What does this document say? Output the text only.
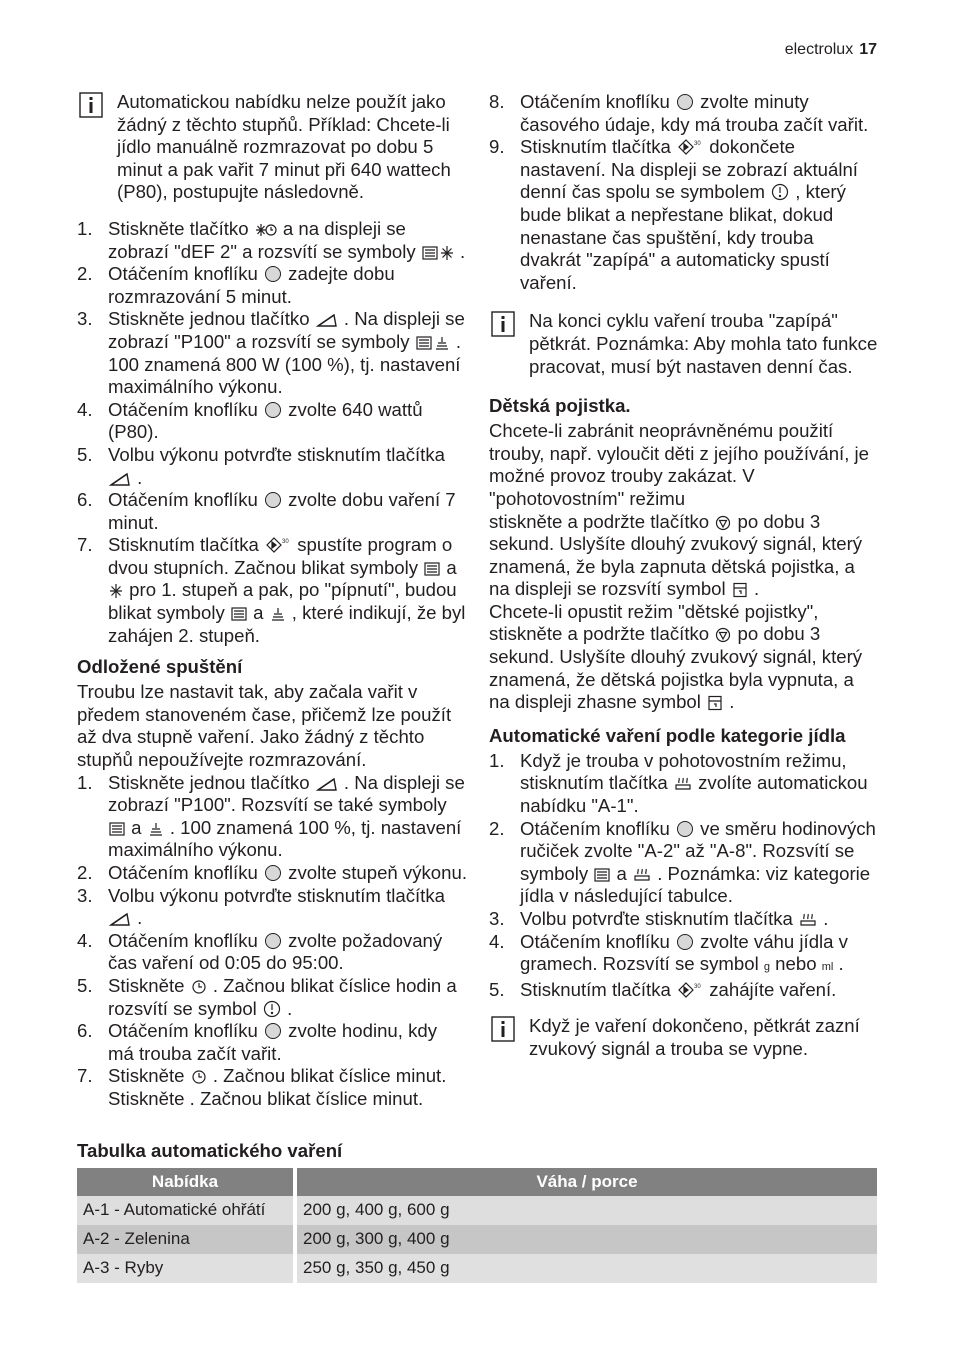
electrolux 17

Automatickou nabídku nelze použít jako žádný z těchto stupňů. Příklad: Chcete-li jídlo manuálně rozmrazovat po dobu 5 minut a pak vařit 7 minut při 640 wattech (P80), postupujte následovně.

1. Stiskněte tlačítko
a na displeji se zobrazí "dEF 2" a rozsvítí se symboly
.
2. Otáčením knoflíku
zadejte dobu rozmrazování 5 minut.
3. Stiskněte jednou tlačítko
. Na displeji se zobrazí "P100" a rozsvítí se symboly
. 100 znamená 800 W (100 %), tj. nastavení maximálního výkonu.
4. Otáčením knoflíku
zvolte 640 wattů (P80).
5. Volbu výkonu potvrďte stisknutím tlačítka

.
6. Otáčením knoflíku
zvolte dobu vaření 7 minut.
7. Stisknutím tlačítka	30 spustíte program o dvou stupních. Začnou blikat symboly
a
pro 1. stupeň a pak, po "pípnutí", budou blikat symboly
a
, které indikují, že byl zahájen 2. stupeň.
Odložené spuštění

Troubu lze nastavit tak, aby začala vařit v předem stanoveném čase, přičemž lze použít až dva stupně vaření. Jako žádný z těchto stupňů nepoužívejte rozmrazování.

1. Stiskněte jednou tlačítko
. Na displeji se zobrazí "P100". Rozsvítí se také symboly
a
. 100 znamená 100 %, tj. nastavení maximálního výkonu.
2. Otáčením knoflíku
zvolte stupeň výkonu.
3. Volbu výkonu potvrďte stisknutím tlačítka

.
4. Otáčením knoflíku
zvolte požadovaný čas vaření od 0:05 do 95:00.
5. Stiskněte
. Začnou blikat číslice hodin a rozsvítí se symbol
.
6. Otáčením knoflíku
zvolte hodinu, kdy má trouba začít vařit.
7. Stiskněte
. Začnou blikat číslice minut. Stiskněte . Začnou blikat číslice minut.
8. Otáčením knoflíku
zvolte minuty časového údaje, kdy má trouba začít vařit.
9. Stisknutím tlačítka	30 dokončete nastavení. Na displeji se zobrazí aktuální denní čas spolu se symbolem
, který bude blikat a nepřestane blikat, dokud nenastane čas spuštění, kdy trouba dvakrát "zapípá" a automaticky spustí vaření.

Na konci cyklu vaření trouba "zapípá" pětkrát. Poznámka: Aby mohla tato funkce pracovat, musí být nastaven denní čas.

Dětská pojistka.

Chcete-li zabránit neoprávněnému použití trouby, např. vyloučit děti z jejího používání, je možné provoz trouby zakázat. V "pohotovostním" režimu

stiskněte a podržte tlačítko
po dobu 3 sekund. Uslyšíte dlouhý zvukový signál, který znamená, že byla zapnuta dětská pojistka, a na displeji se rozsvítí symbol
.

Chcete-li opustit režim "dětské pojistky", stiskněte a podržte tlačítko
po dobu 3 sekund. Uslyšíte dlouhý zvukový signál, který znamená, že dětská pojistka byla vypnuta, a na displeji zhasne symbol
.

Automatické vaření podle kategorie jídla
1. Když je trouba v pohotovostním režimu, stisknutím tlačítka
zvolíte automatickou nabídku "A-1".
2. Otáčením knoflíku
ve směru hodinových ručiček zvolte "A-2" až "A-8". Rozsvítí se symboly
a
. Poznámka: viz kategorie jídla v následující tabulce.
3. Volbu potvrďte stisknutím tlačítka
.
4. Otáčením knoflíku
zvolte váhu jídla v gramech. Rozsvítí se symbol g nebo ml .
5. Stisknutím tlačítka	30 zahájíte vaření.

Když je vaření dokončeno, pětkrát zazní zvukový signál a trouba se vypne.

Tabulka automatického vaření
Nabídka	Váha / porce
A-1 - Automatické ohřátí	200 g, 400 g, 600 g
A-2 - Zelenina	200 g, 300 g, 400 g
A-3 - Ryby	250 g, 350 g, 450 g
